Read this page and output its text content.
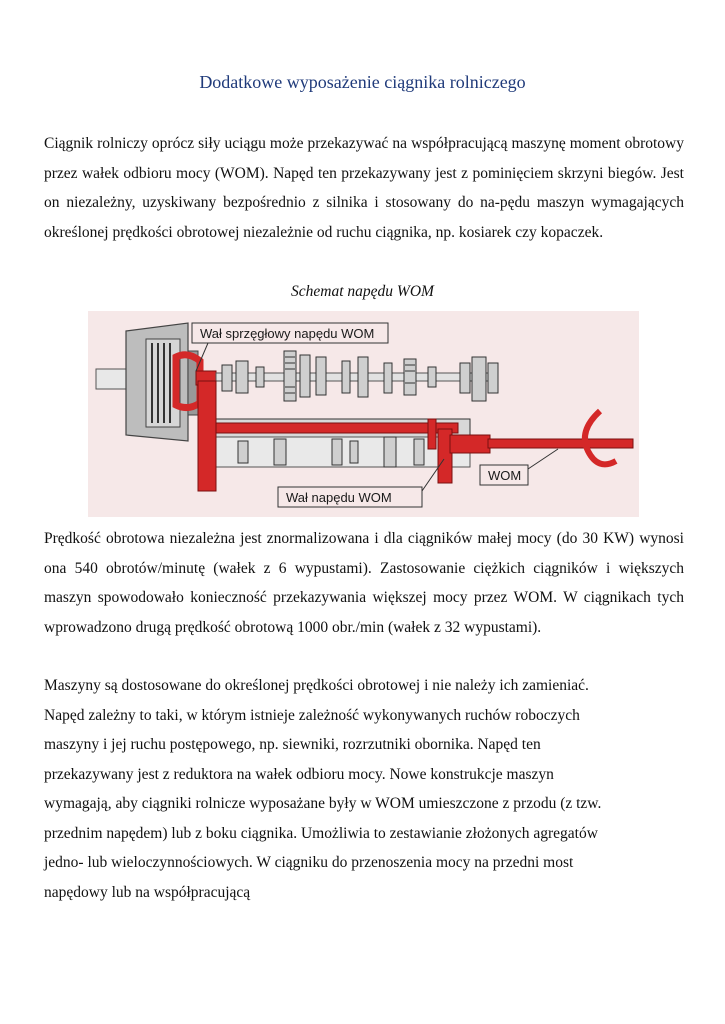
Dodatkowe wyposażenie ciągnika rolniczego

Ciągnik rolniczy oprócz siły uciągu może przekazywać na współpracującą maszynę moment obrotowy przez wałek odbioru mocy (WOM). Napęd ten przekazywany jest z pominięciem skrzyni biegów. Jest on niezależny, uzyskiwany bezpośrednio z silnika i stosowany do na-pędu maszyn wymagających określonej prędkości obrotowej niezależnie od ruchu ciągnika, np. kosiarek czy kopaczek.

Schemat napędu WOM
Wał sprzęgłowy napędu WOM
Wał napędu WOM
WOM

Prędkość obrotowa niezależna jest znormalizowana i dla ciągników małej mocy (do 30 KW) wynosi ona 540 obrotów/minutę (wałek z 6 wypustami). Zastosowanie ciężkich ciągników i większych maszyn spowodowało konieczność przekazywania większej mocy przez WOM. W ciągnikach tych wprowadzono drugą prędkość obrotową 1000 obr./min (wałek z 32 wypustami).

Maszyny są dostosowane do określonej prędkości obrotowej i nie należy ich zamieniać.
Napęd zależny to taki, w którym istnieje zależność wykonywanych ruchów roboczych
maszyny i jej ruchu postępowego, np. siewniki, rozrzutniki obornika. Napęd ten
przekazywany jest z reduktora na wałek odbioru mocy. Nowe konstrukcje maszyn
wymagają, aby ciągniki rolnicze wyposażane były w WOM umieszczone z przodu (z tzw.
przednim napędem) lub z boku ciągnika. Umożliwia to zestawianie złożonych agregatów
jedno- lub wieloczynnościowych. W ciągniku do przenoszenia mocy na przedni most
napędowy lub na współpracującą
